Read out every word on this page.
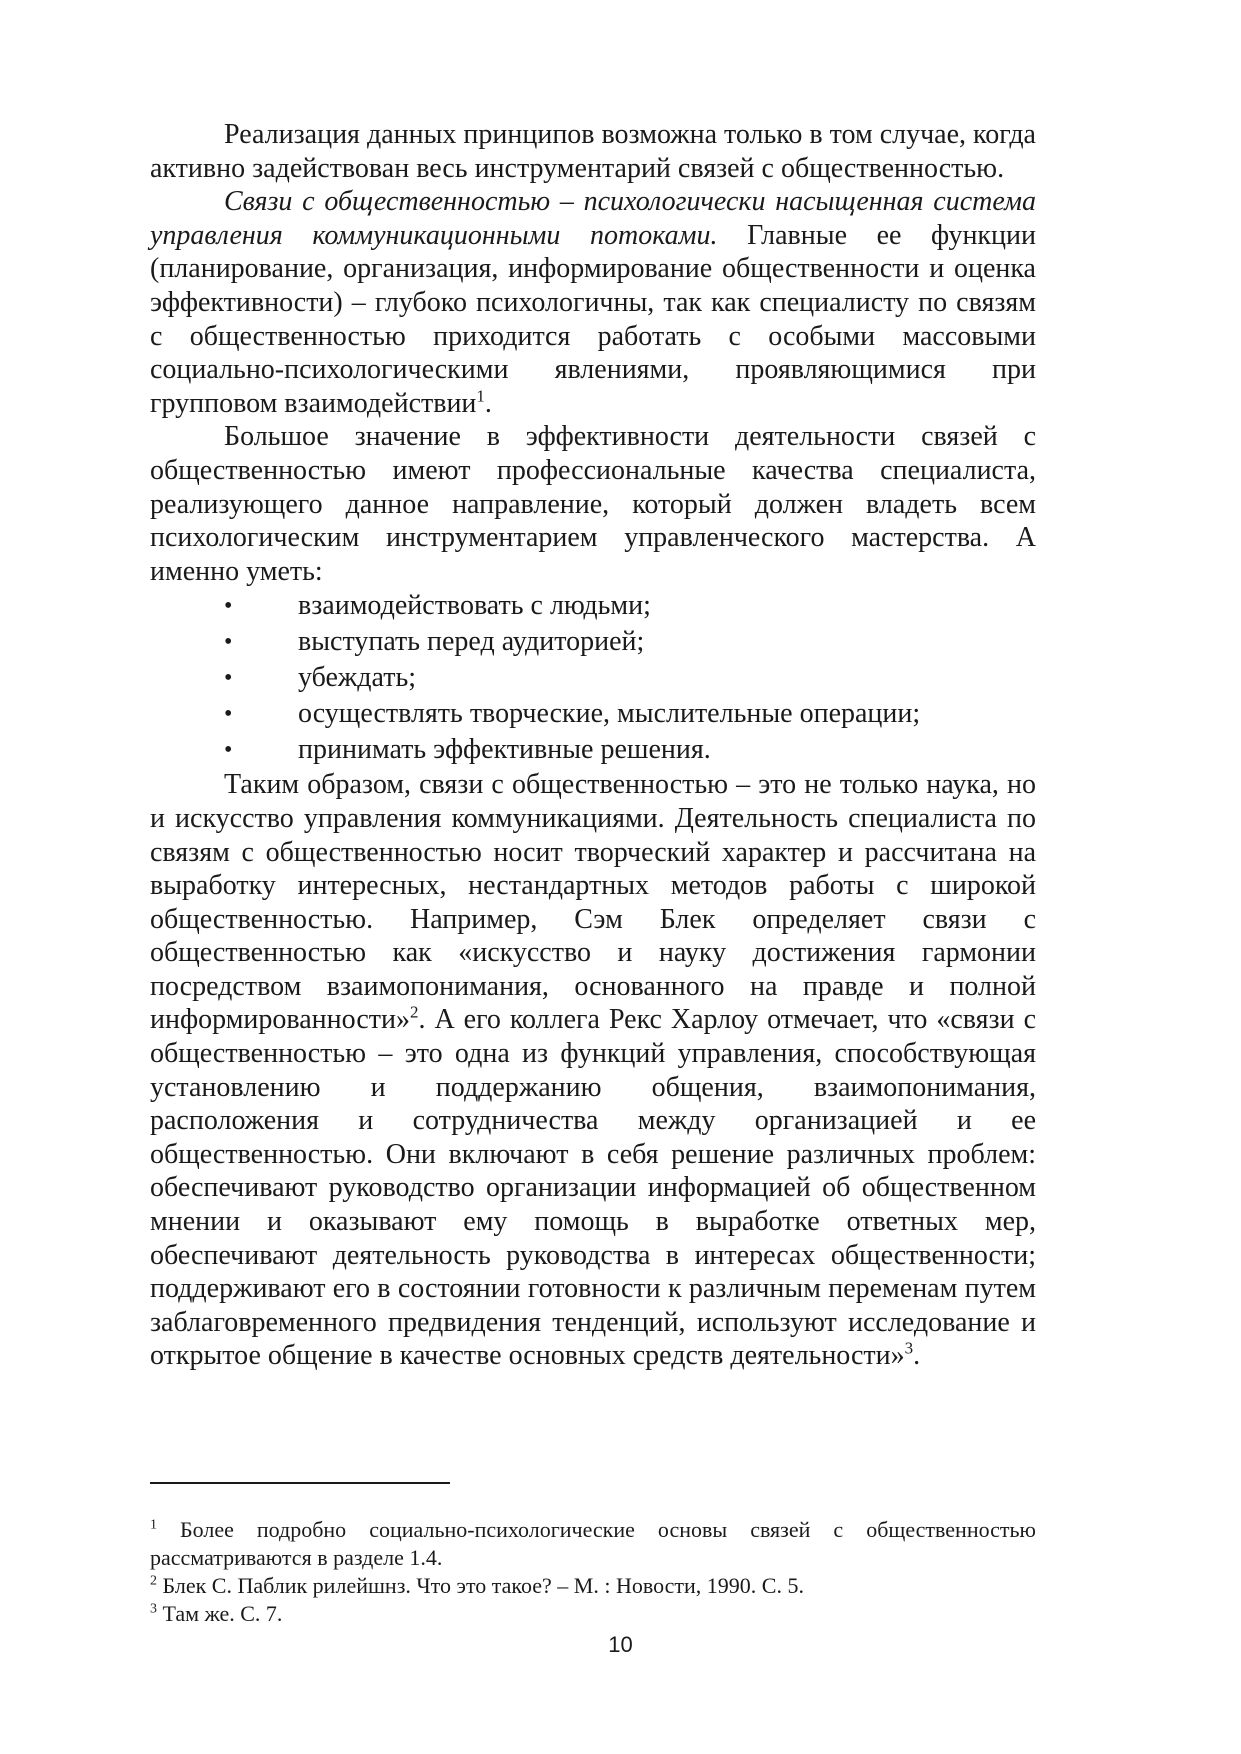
Реализация данных принципов возможна только в том случае, когда активно задействован весь инструментарий связей с общественностью.

Связи с общественностью – психологически насыщенная система управления коммуникационными потоками. Главные ее функции (планирование, организация, информирование общественности и оценка эффективности) – глубоко психологичны, так как специалисту по связям с общественностью приходится работать с особыми массовыми социально-психологическими явлениями, проявляющимися при групповом взаимодействии$^1$.

Большое значение в эффективности деятельности связей с общественностью имеют профессиональные качества специалиста, реализующего данное направление, который должен владеть всем психологическим инструментарием управленческого мастерства. А именно уметь:

• взаимодействовать с людьми;
• выступать перед аудиторией;
• убеждать;
• осуществлять творческие, мыслительные операции;
• принимать эффективные решения.

Таким образом, связи с общественностью – это не только наука, но и искусство управления коммуникациями. Деятельность специалиста по связям с общественностью носит творческий характер и рассчитана на выработку интересных, нестандартных методов работы с широкой общественностью. Например, Сэм Блек определяет связи с общественностью как «искусство и науку достижения гармонии посредством взаимопонимания, основанного на правде и полной информированности»$^2$. А его коллега Рекс Харлоу отмечает, что «связи с общественностью – это одна из функций управления, способствующая установлению и поддержанию общения, взаимопонимания, расположения и сотрудничества между организацией и ее общественностью. Они включают в себя решение различных проблем: обеспечивают руководство организации информацией об общественном мнении и оказывают ему помощь в выработке ответных мер, обеспечивают деятельность руководства в интересах общественности; поддерживают его в состоянии готовности к различным переменам путем заблаговременного предвидения тенденций, используют исследование и открытое общение в качестве основных средств деятельности»$^3$.

$^1$ Более подробно социально-психологические основы связей с общественностью рассматриваются в разделе 1.4.

$^2$ Блек С. Паблик рилейшнз. Что это такое? – М. : Новости, 1990. С. 5.

$^3$ Там же. С. 7.

10
